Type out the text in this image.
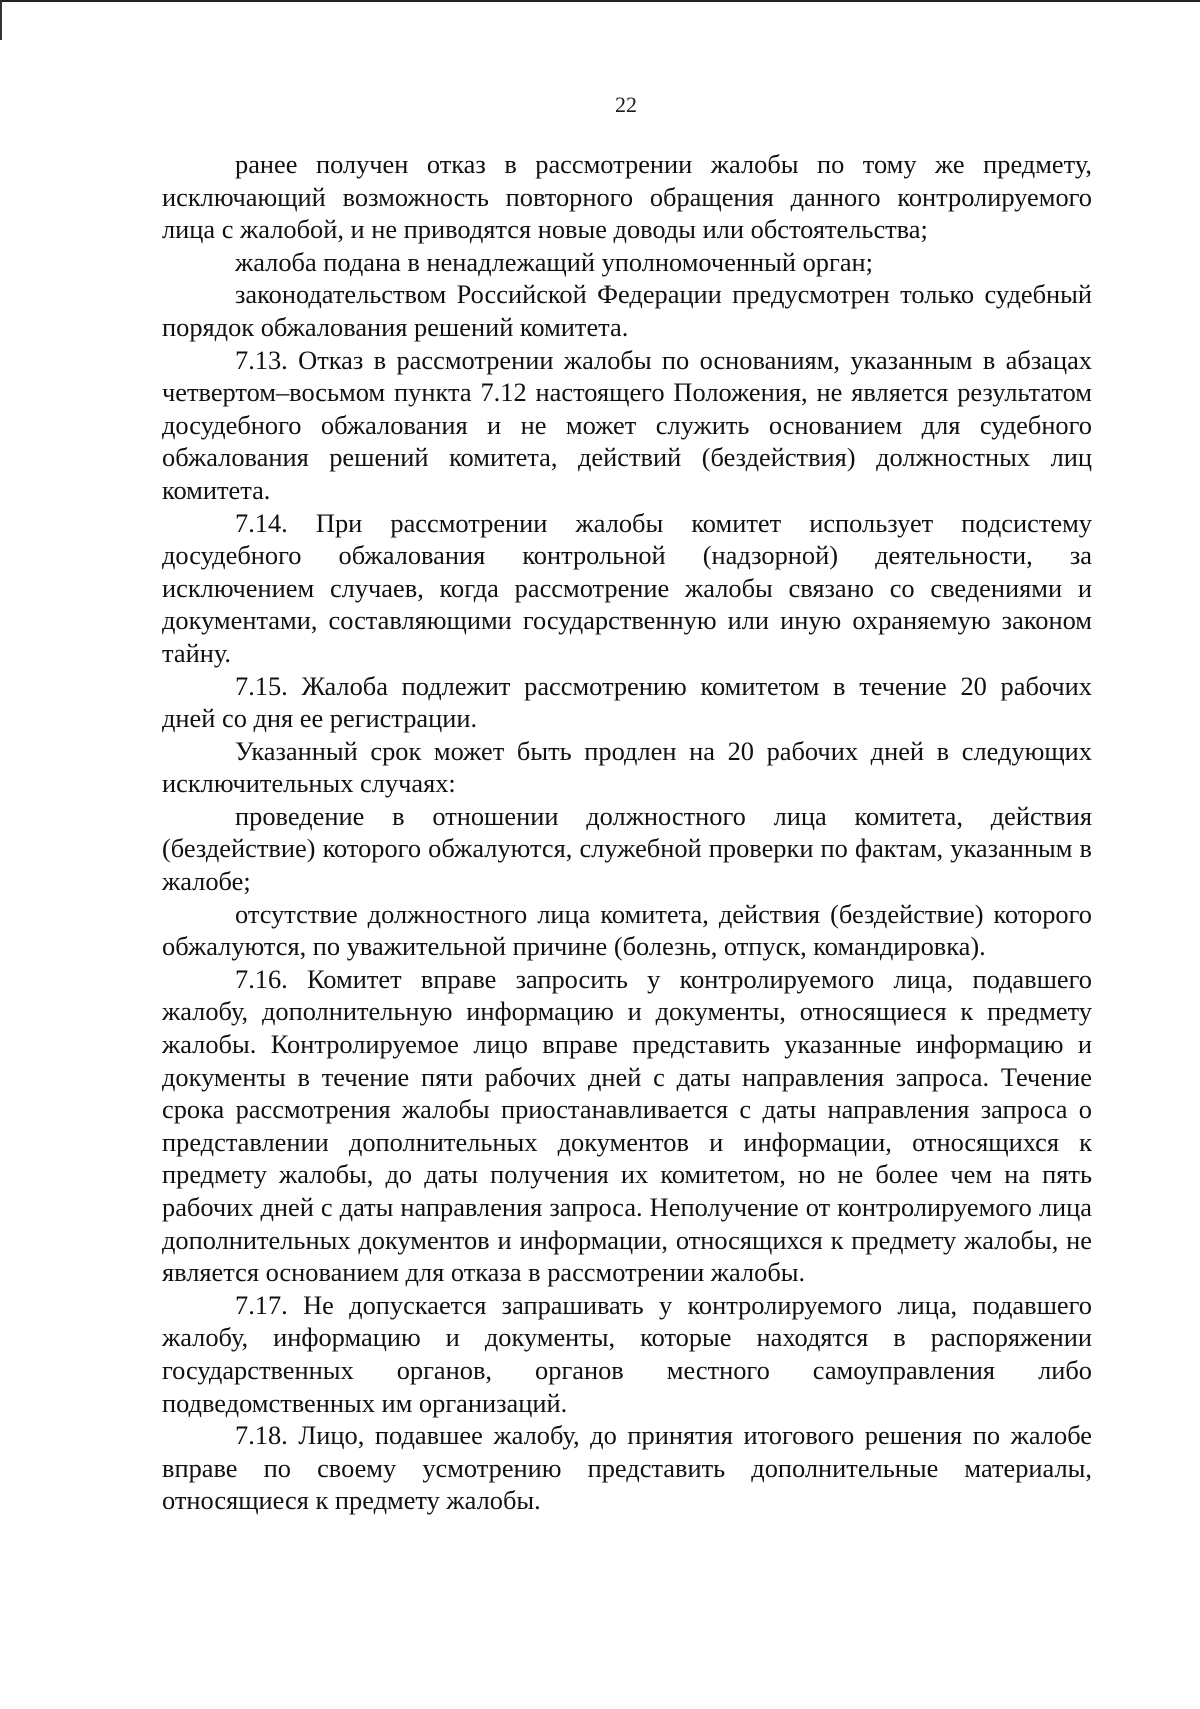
22

ранее получен отказ в рассмотрении жалобы по тому же предмету, исключающий возможность повторного обращения данного контролируемого лица с жалобой, и не приводятся новые доводы или обстоятельства;

жалоба подана в ненадлежащий уполномоченный орган;

законодательством Российской Федерации предусмотрен только судебный порядок обжалования решений комитета.

7.13. Отказ в рассмотрении жалобы по основаниям, указанным в абзацах четвертом–восьмом пункта 7.12 настоящего Положения, не является результатом досудебного обжалования и не может служить основанием для судебного обжалования решений комитета, действий (бездействия) должностных лиц комитета.

7.14. При рассмотрении жалобы комитет использует подсистему досудебного обжалования контрольной (надзорной) деятельности, за исключением случаев, когда рассмотрение жалобы связано со сведениями и документами, составляющими государственную или иную охраняемую законом тайну.

7.15. Жалоба подлежит рассмотрению комитетом в течение 20 рабочих дней со дня ее регистрации.

Указанный срок может быть продлен на 20 рабочих дней в следующих исключительных случаях:

проведение в отношении должностного лица комитета, действия (бездействие) которого обжалуются, служебной проверки по фактам, указанным в жалобе;

отсутствие должностного лица комитета, действия (бездействие) которого обжалуются, по уважительной причине (болезнь, отпуск, командировка).

7.16. Комитет вправе запросить у контролируемого лица, подавшего жалобу, дополнительную информацию и документы, относящиеся к предмету жалобы. Контролируемое лицо вправе представить указанные информацию и документы в течение пяти рабочих дней с даты направления запроса. Течение срока рассмотрения жалобы приостанавливается с даты направления запроса о представлении дополнительных документов и информации, относящихся к предмету жалобы, до даты получения их комитетом, но не более чем на пять рабочих дней с даты направления запроса. Неполучение от контролируемого лица дополнительных документов и информации, относящихся к предмету жалобы, не является основанием для отказа в рассмотрении жалобы.

7.17. Не допускается запрашивать у контролируемого лица, подавшего жалобу, информацию и документы, которые находятся в распоряжении государственных органов, органов местного самоуправления либо подведомственных им организаций.

7.18. Лицо, подавшее жалобу, до принятия итогового решения по жалобе вправе по своему усмотрению представить дополнительные материалы, относящиеся к предмету жалобы.
